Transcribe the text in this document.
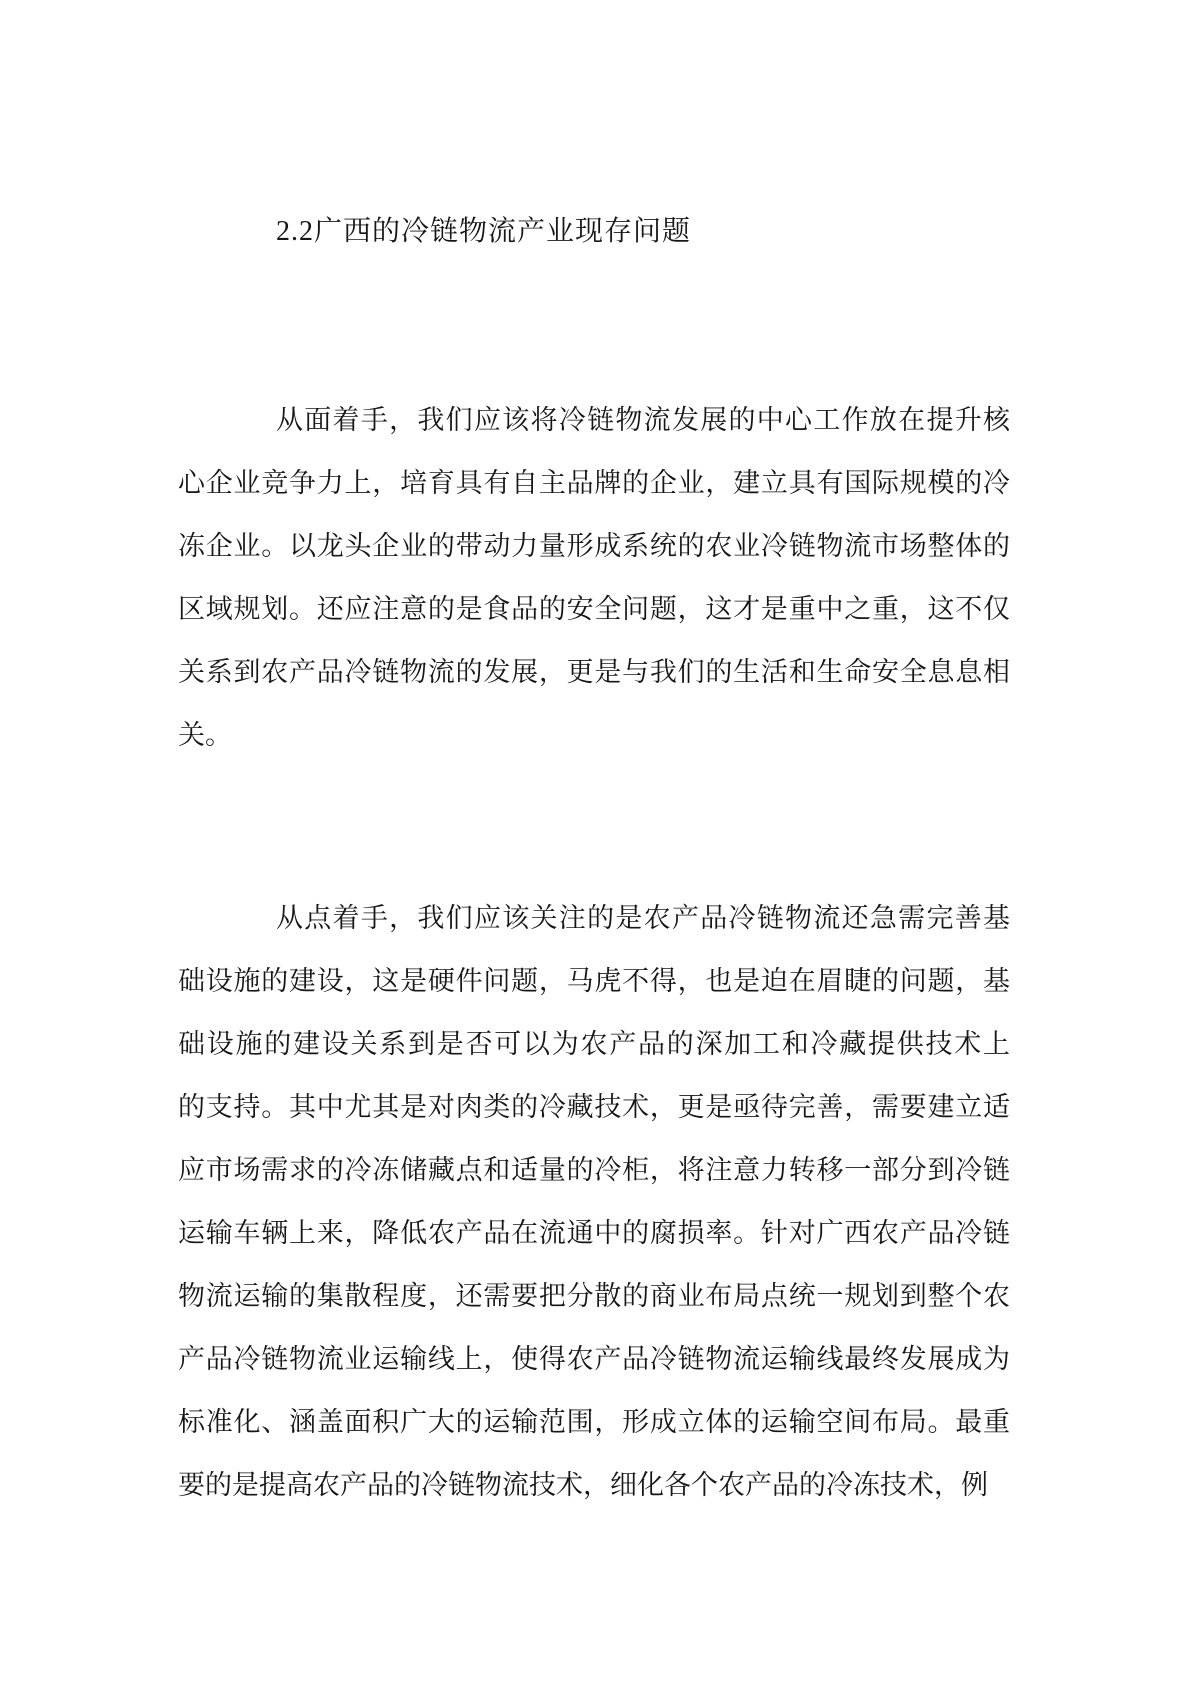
2.2广西的冷链物流产业现存问题
从面着手，我们应该将冷链物流发展的中心工作放在提升核
心企业竞争力上，培育具有自主品牌的企业，建立具有国际规模的冷
冻企业。以龙头企业的带动力量形成系统的农业冷链物流市场整体的
区域规划。还应注意的是食品的安全问题，这才是重中之重，这不仅
关系到农产品冷链物流的发展，更是与我们的生活和生命安全息息相
关。
从点着手，我们应该关注的是农产品冷链物流还急需完善基
础设施的建设，这是硬件问题，马虎不得，也是迫在眉睫的问题，基
础设施的建设关系到是否可以为农产品的深加工和冷藏提供技术上
的支持。其中尤其是对肉类的冷藏技术，更是亟待完善，需要建立适
应市场需求的冷冻储藏点和适量的冷柜，将注意力转移一部分到冷链
运输车辆上来，降低农产品在流通中的腐损率。针对广西农产品冷链
物流运输的集散程度，还需要把分散的商业布局点统一规划到整个农
产品冷链物流业运输线上，使得农产品冷链物流运输线最终发展成为
标准化、涵盖面积广大的运输范围，形成立体的运输空间布局。最重
要的是提高农产品的冷链物流技术，细化各个农产品的冷冻技术，例
